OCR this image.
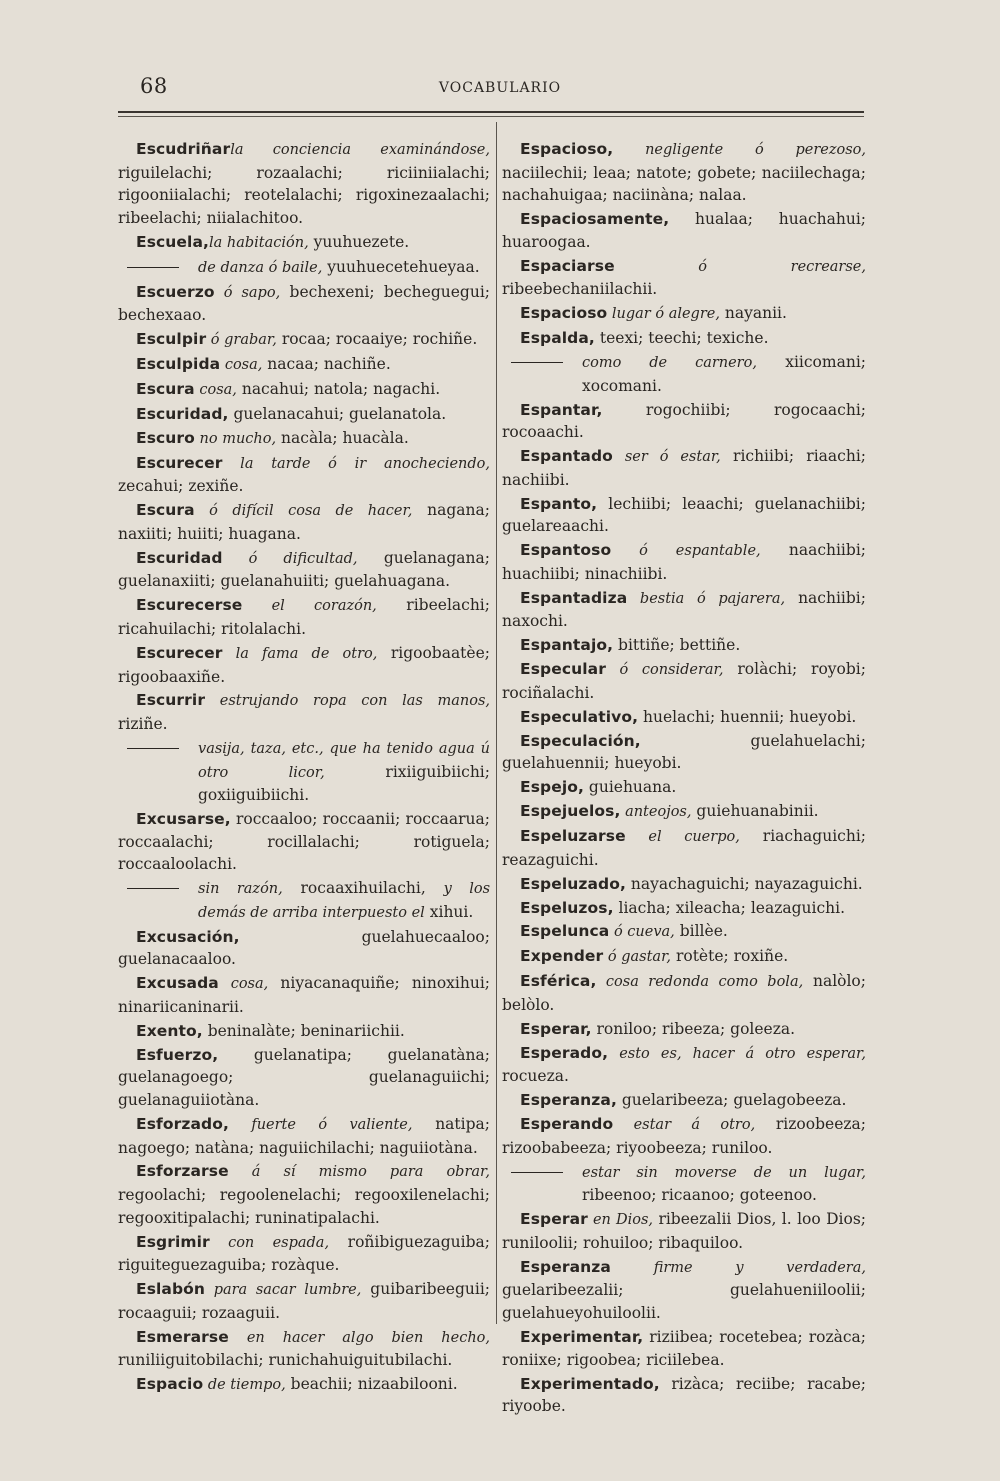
68	VOCABULARIO
Escudriñarla conciencia examinándose, riguilelachi; rozaalachi; riciiniialachi; rigooniialachi; reotelalachi; rigoxinezaalachi; ribeelachi; niialachitoo.
Escuela,la habitación, yuuhuezete.
de danza ó baile, yuuhuecetehueyaa.
Escuerzo ó sapo, bechexeni; becheguegui; bechexaao.
Esculpir ó grabar, rocaa; rocaaiye; rochiñe.
Esculpida cosa, nacaa; nachiñe.
Escura cosa, nacahui; natola; nagachi.
Escuridad, guelanacahui; guelanatola.
Escuro no mucho, nacàla; huacàla.
Escurecer la tarde ó ir anocheciendo, zecahui; zexiñe.
Escura ó difícil cosa de hacer, nagana; naxiiti; huiiti; huagana.
Escuridad ó dificultad, guelanagana; guelanaxiiti; guelanahuiiti; guelahuagana.
Escurecerse el corazón, ribeelachi; ricahuilachi; ritolalachi.
Escurecer la fama de otro, rigoobaatèe; rigoobaaxiñe.
Escurrir estrujando ropa con las manos, riziñe.
vasija, taza, etc., que ha tenido agua ú otro licor, rixiiguibiichi; goxiiguibiichi.
Excusarse, roccaaloo; roccaanii; roccaarua; roccaalachi; rocillalachi; rotiguela; roccaaloolachi.
sin razón, rocaaxihuilachi, y los demás de arriba interpuesto el xihui.
Excusación, guelahuecaaloo; guelanacaaloo.
Excusada cosa, niyacanaquiñe; ninoxihui; ninariicaninarii.
Exento, beninalàte; beninariichii.
Esfuerzo, guelanatipa; guelanatàna; guelanagoego; guelanaguiichi; guelanaguiiotàna.
Esforzado, fuerte ó valiente, natipa; nagoego; natàna; naguiichilachi; naguiiotàna.
Esforzarse á sí mismo para obrar, regoolachi; regoolenelachi; regooxilenelachi; regooxitipalachi; runinatipalachi.
Esgrimir con espada, roñibiguezaguiba; riguiteguezaguiba; rozàque.
Eslabón para sacar lumbre, guibaribeeguii; rocaaguii; rozaaguii.
Esmerarse en hacer algo bien hecho, runiliiguitobilachi; runichahuiguitubilachi.
Espacio de tiempo, beachii; nizaabilooni.
Espacioso, negligente ó perezoso, naciilechii; leaa; natote; gobete; naciilechaga; nachahuigaa; naciinàna; nalaa.
Espaciosamente, hualaa; huachahui; huaroogaa.
Espaciarse ó recrearse, ribeebechaniilachii.
Espacioso lugar ó alegre, nayanii.
Espalda, teexi; teechi; texiche.
como de carnero, xiicomani; xocomani.
Espantar, rogochiibi; rogocaachi; rocoaachi.
Espantado ser ó estar, richiibi; riaachi; nachiibi.
Espanto, lechiibi; leaachi; guelanachiibi; guelareaachi.
Espantoso ó espantable, naachiibi; huachiibi; ninachiibi.
Espantadiza bestia ó pajarera, nachiibi; naxochi.
Espantajo, bittiñe; bettiñe.
Especular ó considerar, rolàchi; royobi; rociñalachi.
Especulativo, huelachi; huennii; hueyobi.
Especulación, guelahuelachi; guelahuennii; hueyobi.
Espejo, guiehuana.
Espejuelos, anteojos, guiehuanabinii.
Espeluzarse el cuerpo, riachaguichi; reazaguichi.
Espeluzado, nayachaguichi; nayazaguichi.
Espeluzos, liacha; xileacha; leazaguichi.
Espelunca ó cueva, billèe.
Expender ó gastar, rotète; roxiñe.
Esférica, cosa redonda como bola, nalòlo; belòlo.
Esperar, roniloo; ribeeza; goleeza.
Esperado, esto es, hacer á otro esperar, rocueza.
Esperanza, guelaribeeza; guelagobeeza.
Esperando estar á otro, rizoobeeza; rizoobabeeza; riyoobeeza; runiloo.
estar sin moverse de un lugar, ribeenoo; ricaanoo; goteenoo.
Esperar en Dios, ribeezalii Dios, l. loo Dios; runiloolii; rohuiloo; ribaquiloo.
Esperanza firme y verdadera, guelaribeezalii; guelahueniiloolii; guelahueyohuiloolii.
Experimentar, riziibea; rocetebea; rozàca; roniixe; rigoobea; riciilebea.
Experimentado, rizàca; reciibe; racabe; riyoobe.
